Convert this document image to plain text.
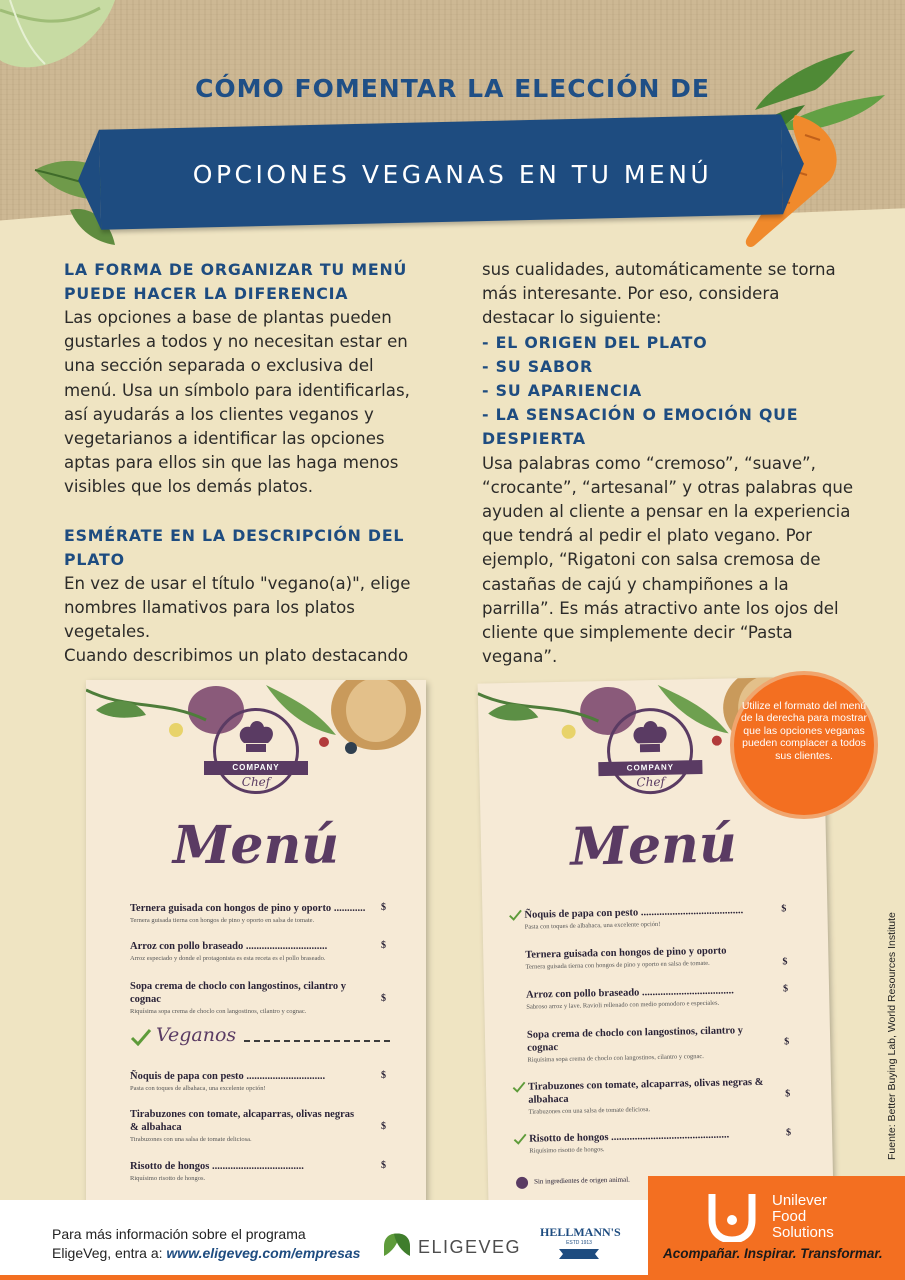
CÓMO FOMENTAR LA ELECCIÓN DE
OPCIONES VEGANAS EN TU MENÚ

LA FORMA DE ORGANIZAR TU MENÚ PUEDE HACER LA DIFERENCIA

Las opciones a base de plantas pueden gustarles a todos y no necesitan estar en una sección separada o exclusiva del menú. Usa un símbolo para identificarlas, así ayudarás a los clientes veganos y vegetarianos a identificar las opciones aptas para ellos sin que las haga menos visibles que los demás platos.

ESMÉRATE EN LA DESCRIPCIÓN DEL PLATO

En vez de usar el título "vegano(a)", elige nombres llamativos para los platos vegetales.

Cuando describimos un plato destacando

sus cualidades, automáticamente se torna más interesante. Por eso, considera destacar lo siguiente:

- EL ORIGEN DEL PLATO

- SU SABOR

- SU APARIENCIA

- LA SENSACIÓN O EMOCIÓN QUE DESPIERTA

Usa palabras como “cremoso”, “suave”, “crocante”, “artesanal” y otras palabras que ayuden al cliente a pensar en la experiencia que tendrá al pedir el plato vegano. Por ejemplo, “Rigatoni con salsa cremosa de castañas de cajú y champiñones a la parrilla”. Es más atractivo ante los ojos del cliente que simplemente decir “Pasta vegana”.

COMPANY
Chef
Menú
Ternera guisada con hongos de pino y oporto ............
Ternera guisada tierna con hongos de pino y oporto en salsa de tomate.
$
Arroz con pollo braseado ...............................
Arroz especiado y donde el protagonista es esta receta es el pollo braseado.
$
Sopa crema de choclo con langostinos, cilantro y cognac
Riquísima sopa crema de choclo con langostinos, cilantro y cognac.
$
Veganos
Ñoquis de papa con pesto ..............................
Pasta con toques de albahaca, una excelente opción!
$
Tirabuzones con tomate, alcaparras, olivas negras & albahaca
Tirabuzones con una salsa de tomate deliciosa.
$
Risotto de hongos ...................................
Riquísimo risotto de hongos.
$
COMPANY
Chef
Menú
Ñoquis de papa con pesto .......................................
Pasta con toques de albahaca, una excelente opción!
$
Ternera guisada con hongos de pino y oporto
Ternera guisada tierna con hongos de pino y oporto en salsa de tomate.	$
Arroz con pollo braseado ...................................
Sabroso arroz y lave. Ravioli rellenado con medio pomodoro e especiales.
$
Sopa crema de choclo con langostinos, cilantro y cognac
Riquísima sopa crema de choclo con langostinos, cilantro y cognac.
$
Tirabuzones con tomate, alcaparras, olivas negras & albahaca
Tirabuzones con una salsa de tomate deliciosa.
$
Risotto de hongos .............................................
Riquísimo risotto de hongos.
$
Sin ingredientes de origen animal.
Utilize el formato del menú de la derecha para mostrar que las opciones veganas pueden complacer a todos sus clientes.
Fuente: Better Buying Lab, World Resources Institute
Para más información sobre el programa
EligeVeg, entra a: www.eligeveg.com/empresas	ELIGEVEG
HELLMANN'S
ESTD 1913
Unilever
Food
Solutions
Acompañar. Inspirar. Transformar.
